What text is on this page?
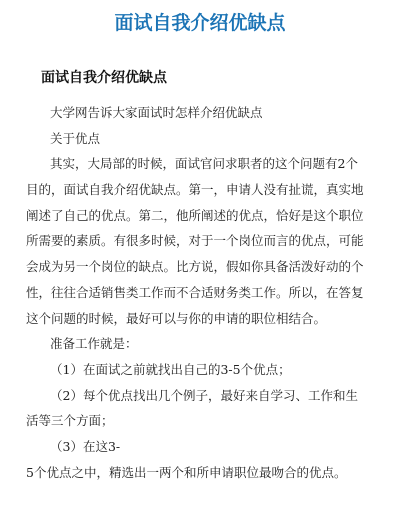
面试自我介绍优缺点
面试自我介绍优缺点
大学网告诉大家面试时怎样介绍优缺点
关于优点
其实，大局部的时候，面试官问求职者的这个问题有2个
目的，面试自我介绍优缺点。第一，申请人没有扯谎，真实地
阐述了自己的优点。第二，他所阐述的优点，恰好是这个职位
所需要的素质。有很多时候，对于一个岗位而言的优点，可能
会成为另一个岗位的缺点。比方说，假如你具备活泼好动的个
性，往往合适销售类工作而不合适财务类工作。所以，在答复
这个问题的时候，最好可以与你的申请的职位相结合。
准备工作就是：
（1）在面试之前就找出自己的3-5个优点；
（2）每个优点找出几个例子，最好来自学习、工作和生
活等三个方面；
（3）在这3-
5个优点之中，精选出一两个和所申请职位最吻合的优点。
